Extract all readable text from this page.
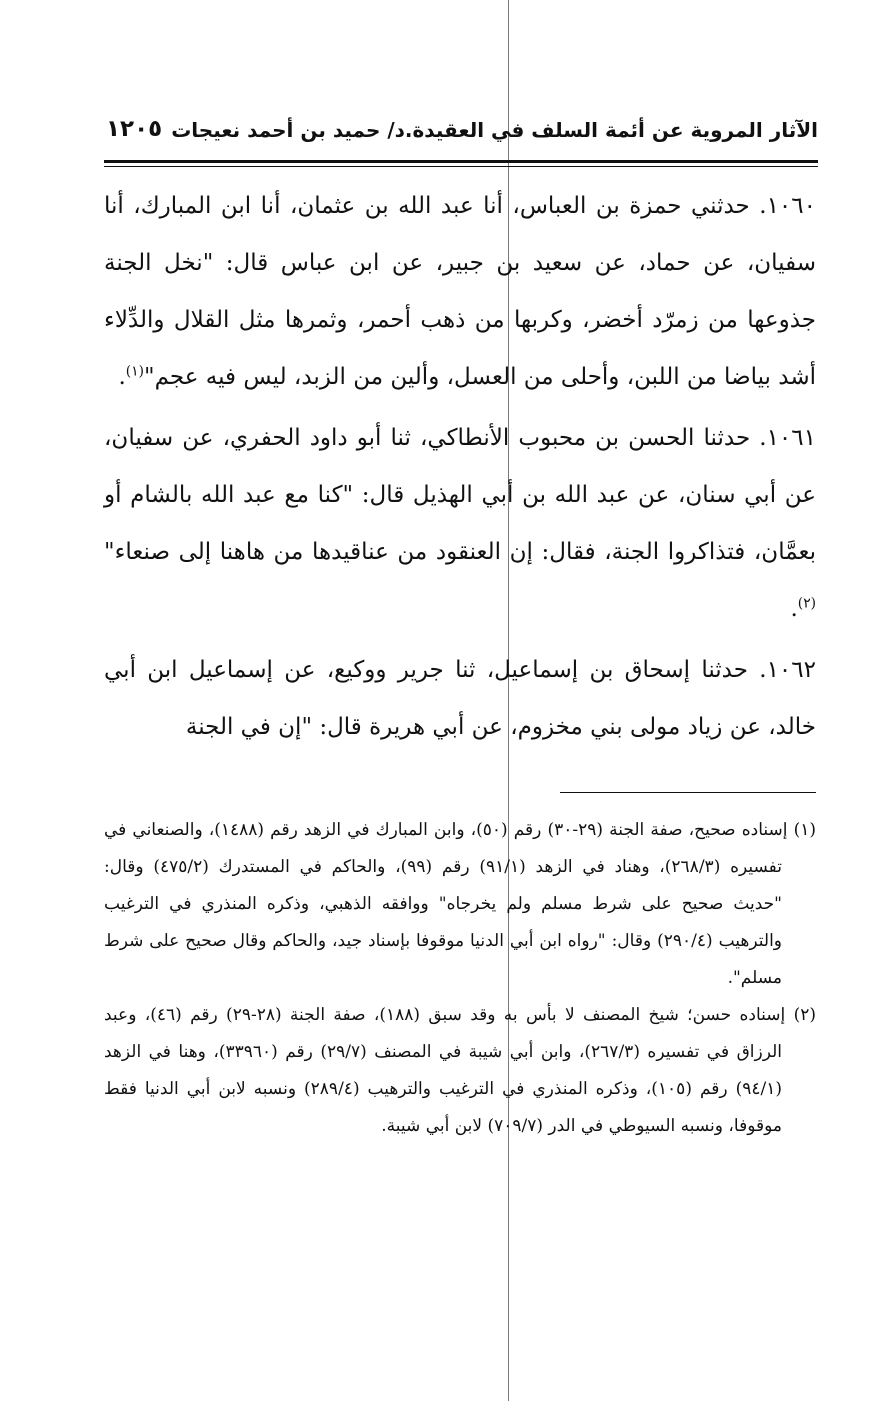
الآثار المروية عن أئمة السلف في العقيدة.د/ حميد بن أحمد نعيجات
١٢٠٥

١٠٦٠. حدثني حمزة بن العباس، أنا عبد الله بن عثمان، أنا ابن المبارك، أنا سفيان، عن حماد، عن سعيد بن جبير، عن ابن عباس قال: "نخل الجنة جذوعها من زمرّد أخضر، وكربها من ذهب أحمر، وثمرها مثل القلال والدِّلاء أشد بياضا من اللبن، وأحلى من العسل، وألين من الزبد، ليس فيه عجم"$^{(١)}$.

١٠٦١. حدثنا الحسن بن محبوب الأنطاكي، ثنا أبو داود الحفري، عن سفيان، عن أبي سنان، عن عبد الله بن أبي الهذيل قال: "كنا مع عبد الله بالشام أو بعمَّان، فتذاكروا الجنة، فقال: إن العنقود من عناقيدها من هاهنا إلى صنعاء"$^{(٢)}$.

١٠٦٢. حدثنا إسحاق بن إسماعيل، ثنا جرير ووكيع، عن إسماعيل ابن أبي خالد، عن زياد مولى بني مخزوم، عن أبي هريرة قال: "إن في الجنة

(١) إسناده صحيح، صفة الجنة (٢٩-٣٠) رقم (٥٠)، وابن المبارك في الزهد رقم (١٤٨٨)، والصنعاني في تفسيره (٢٦٨/٣)، وهناد في الزهد (٩١/١) رقم (٩٩)، والحاكم في المستدرك (٤٧٥/٢) وقال: "حديث صحيح على شرط مسلم ولم يخرجاه" ووافقه الذهبي، وذكره المنذري في الترغيب والترهيب (٢٩٠/٤) وقال: "رواه ابن أبي الدنيا موقوفا بإسناد جيد، والحاكم وقال صحيح على شرط مسلم".

(٢) إسناده حسن؛ شيخ المصنف لا بأس به وقد سبق (١٨٨)، صفة الجنة (٢٨-٢٩) رقم (٤٦)، وعبد الرزاق في تفسيره (٢٦٧/٣)، وابن أبي شيبة في المصنف (٢٩/٧) رقم (٣٣٩٦٠)، وهنا في الزهد (٩٤/١) رقم (١٠٥)، وذكره المنذري في الترغيب والترهيب (٢٨٩/٤) ونسبه لابن أبي الدنيا فقط موقوفا، ونسبه السيوطي في الدر (٧٠٩/٧) لابن أبي شيبة.
